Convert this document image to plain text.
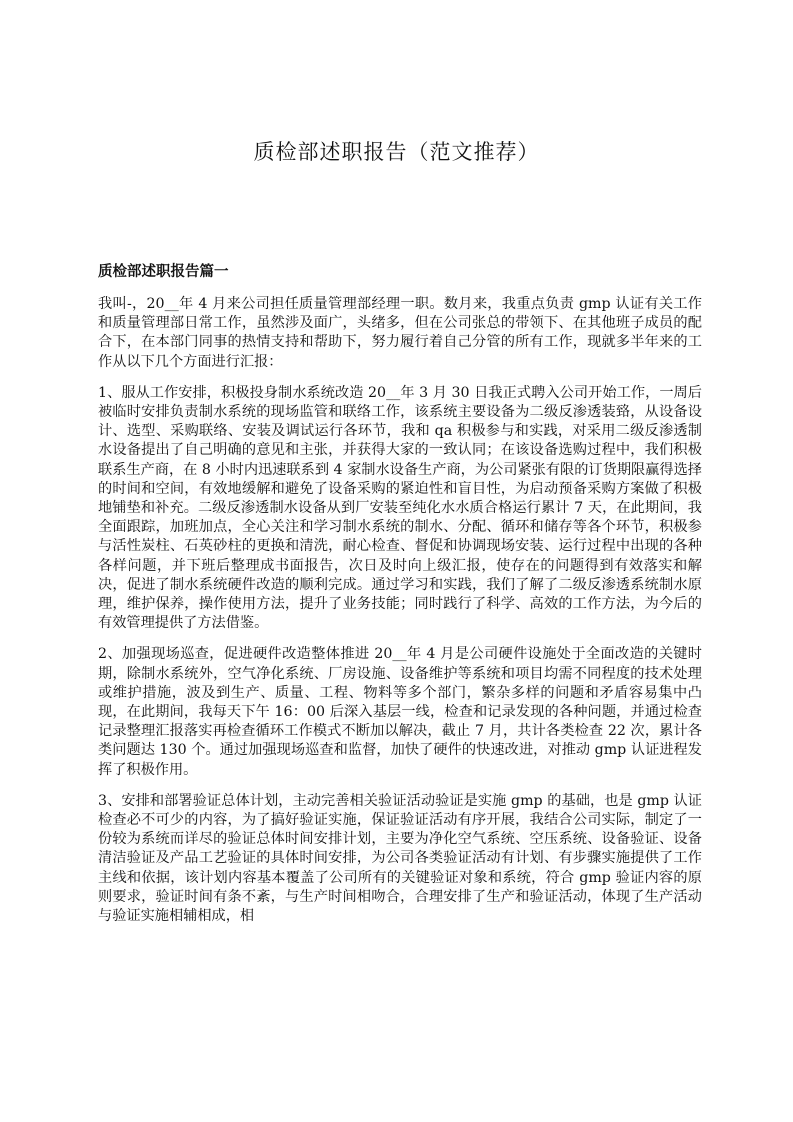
质检部述职报告（范文推荐）
质检部述职报告篇一

我叫-，20__年 4 月来公司担任质量管理部经理一职。数月来，我重点负责 gmp 认证有关工作和质量管理部日常工作，虽然涉及面广，头绪多，但在公司张总的带领下、在其他班子成员的配合下，在本部门同事的热情支持和帮助下，努力履行着自己分管的所有工作，现就多半年来的工作从以下几个方面进行汇报：

1、服从工作安排，积极投身制水系统改造 20__年 3 月 30 日我正式聘入公司开始工作，一周后被临时安排负责制水系统的现场监管和联络工作，该系统主要设备为二级反渗透装臵，从设备设计、选型、采购联络、安装及调试运行各环节，我和 qa 积极参与和实践，对采用二级反渗透制水设备提出了自己明确的意见和主张，并获得大家的一致认同；在该设备选购过程中，我们积极联系生产商，在 8 小时内迅速联系到 4 家制水设备生产商，为公司紧张有限的订货期限赢得选择的时间和空间，有效地缓解和避免了设备采购的紧迫性和盲目性，为启动预备采购方案做了积极地铺垫和补充。二级反渗透制水设备从到厂安装至纯化水水质合格运行累计 7 天，在此期间，我全面跟踪，加班加点，全心关注和学习制水系统的制水、分配、循环和储存等各个环节，积极参与活性炭柱、石英砂柱的更换和清洗，耐心检查、督促和协调现场安装、运行过程中出现的各种各样问题，并下班后整理成书面报告，次日及时向上级汇报，使存在的问题得到有效落实和解决，促进了制水系统硬件改造的顺利完成。通过学习和实践，我们了解了二级反渗透系统制水原理，维护保养，操作使用方法，提升了业务技能；同时践行了科学、高效的工作方法，为今后的有效管理提供了方法借鉴。

2、加强现场巡查，促进硬件改造整体推进 20__年 4 月是公司硬件设施处于全面改造的关键时期，除制水系统外，空气净化系统、厂房设施、设备维护等系统和项目均需不同程度的技术处理或维护措施，波及到生产、质量、工程、物料等多个部门，繁杂多样的问题和矛盾容易集中凸现，在此期间，我每天下午 16：00 后深入基层一线，检查和记录发现的各种问题，并通过检查记录整理汇报落实再检查循环工作模式不断加以解决，截止 7 月，共计各类检查 22 次，累计各类问题达 130 个。通过加强现场巡查和监督，加快了硬件的快速改进，对推动 gmp 认证进程发挥了积极作用。

3、安排和部署验证总体计划，主动完善相关验证活动验证是实施 gmp 的基础，也是 gmp 认证检查必不可少的内容，为了搞好验证实施，保证验证活动有序开展，我结合公司实际，制定了一份较为系统而详尽的验证总体时间安排计划，主要为净化空气系统、空压系统、设备验证、设备清洁验证及产品工艺验证的具体时间安排，为公司各类验证活动有计划、有步骤实施提供了工作主线和依据，该计划内容基本覆盖了公司所有的关键验证对象和系统，符合 gmp 验证内容的原则要求，验证时间有条不紊，与生产时间相吻合，合理安排了生产和验证活动，体现了生产活动与验证实施相辅相成，相
